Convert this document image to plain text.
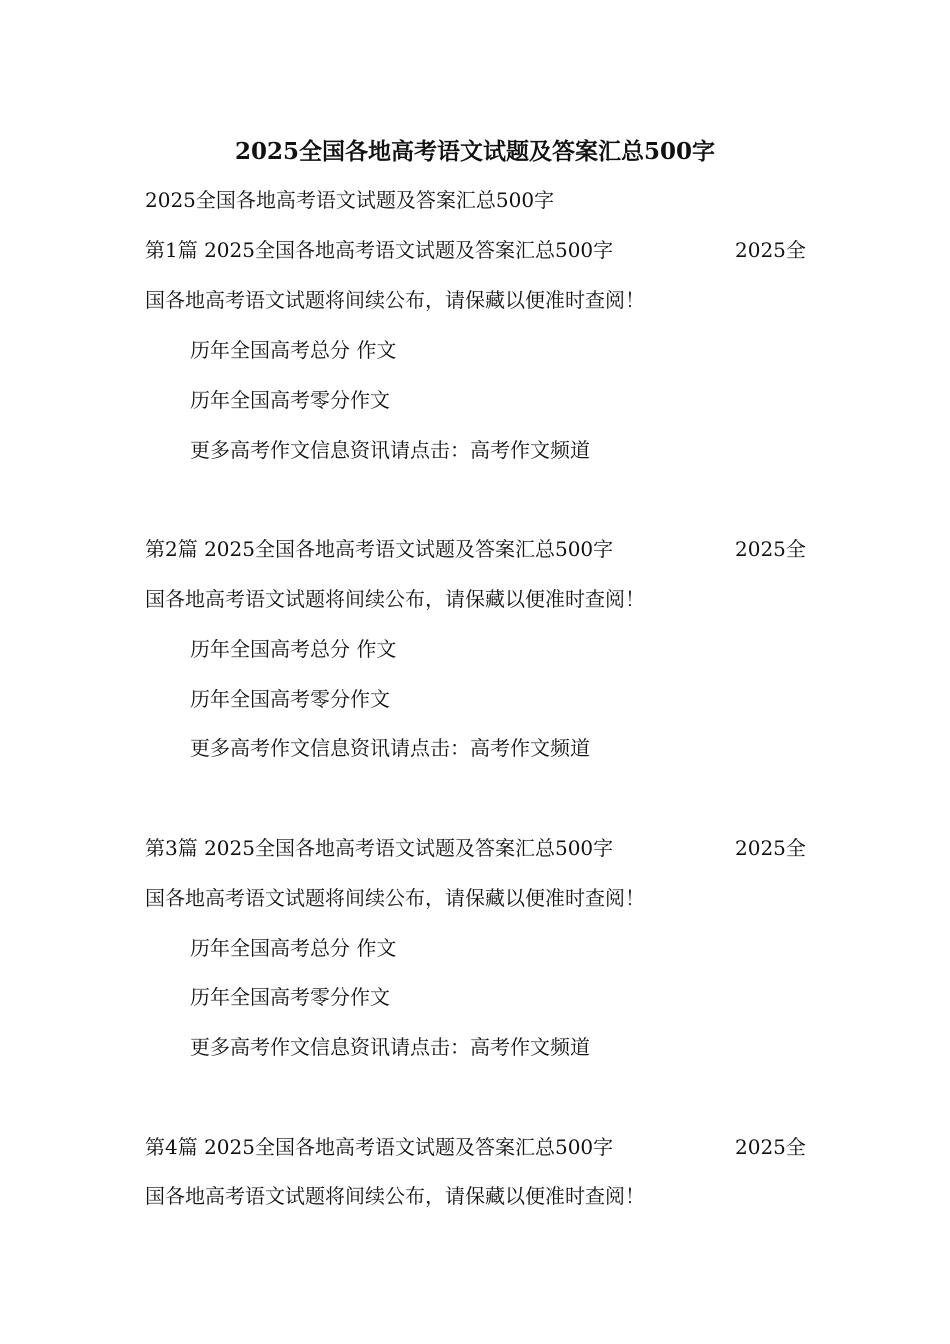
2025全国各地高考语文试题及答案汇总500字
2025全国各地高考语文试题及答案汇总500字
第1篇 2025全国各地高考语文试题及答案汇总500字	2025全
国各地高考语文试题将间续公布，请保藏以便准时查阅！
历年全国高考总分 作文
历年全国高考零分作文
更多高考作文信息资讯请点击：高考作文频道
第2篇 2025全国各地高考语文试题及答案汇总500字	2025全
国各地高考语文试题将间续公布，请保藏以便准时查阅！
历年全国高考总分 作文
历年全国高考零分作文
更多高考作文信息资讯请点击：高考作文频道
第3篇 2025全国各地高考语文试题及答案汇总500字	2025全
国各地高考语文试题将间续公布，请保藏以便准时查阅！
历年全国高考总分 作文
历年全国高考零分作文
更多高考作文信息资讯请点击：高考作文频道
第4篇 2025全国各地高考语文试题及答案汇总500字	2025全
国各地高考语文试题将间续公布，请保藏以便准时查阅！
